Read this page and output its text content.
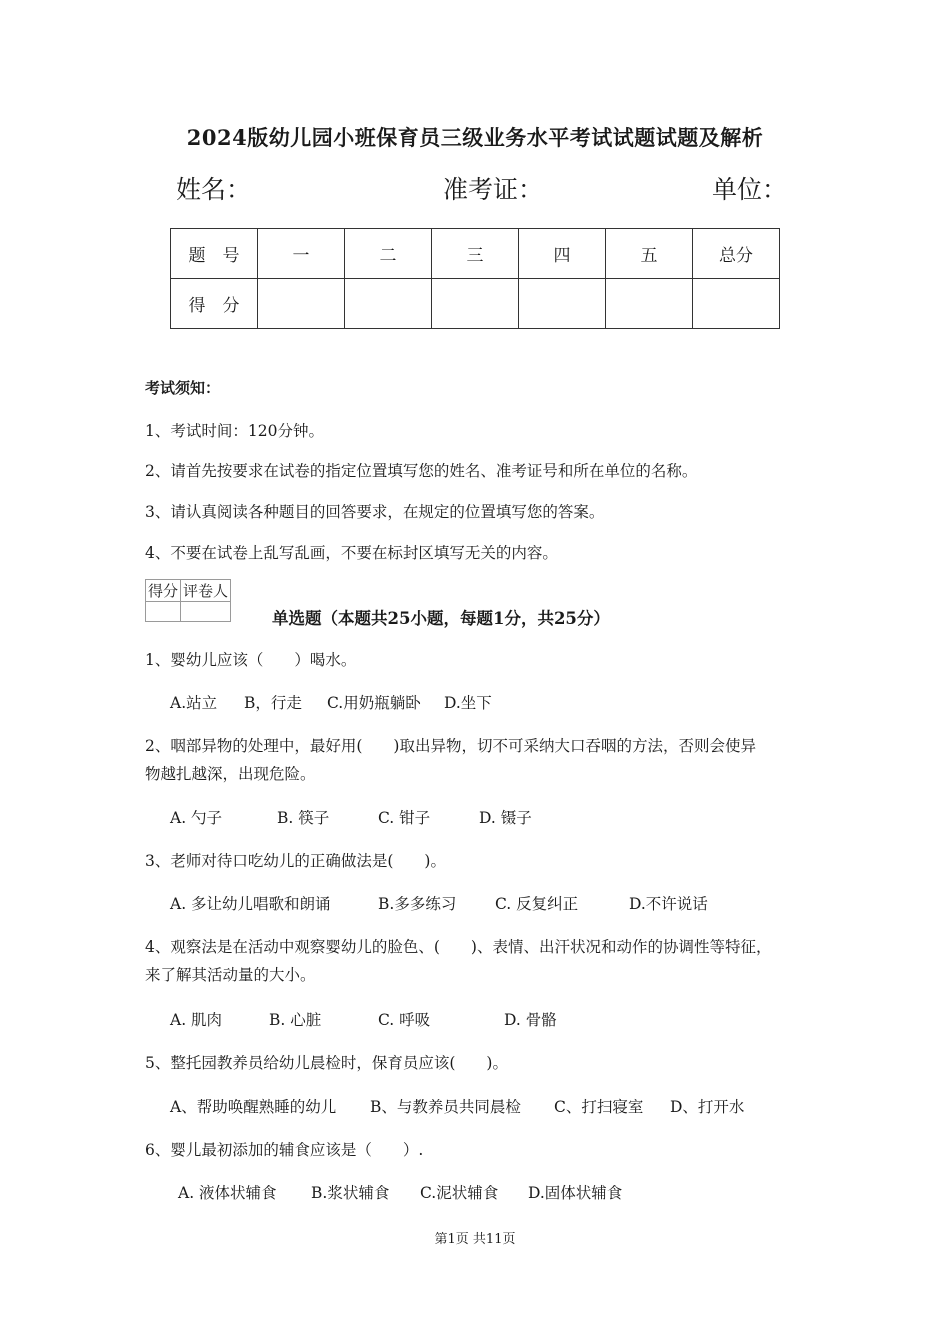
2024版幼儿园小班保育员三级业务水平考试试题试题及解析
姓名：	准考证：	单位：
题　号	一	二	三	四	五	总分
得　分						
考试须知：
1、考试时间：120分钟。
2、请首先按要求在试卷的指定位置填写您的姓名、准考证号和所在单位的名称。
3、请认真阅读各种题目的回答要求，在规定的位置填写您的答案。
4、不要在试卷上乱写乱画，不要在标封区填写无关的内容。
得分	评卷人

单选题（本题共25小题，每题1分，共25分）
1、婴幼儿应该（　　）喝水。
A.站立 B，行走 C.用奶瓶躺卧 D.坐下
2、咽部异物的处理中，最好用(　　)取出异物，切不可采纳大口吞咽的方法，否则会使异
物越扎越深，出现危险。
A. 勺子	B. 筷子	C. 钳子	D. 镊子
3、老师对待口吃幼儿的正确做法是(　　)。
A. 多让幼儿唱歌和朗诵	B.多多练习 C. 反复纠正	D.不许说话
4、观察法是在活动中观察婴幼儿的脸色、(　　)、表情、出汗状况和动作的协调性等特征，
来了解其活动量的大小。
A. 肌肉	B. 心脏	C. 呼吸	D. 骨骼
5、整托园教养员给幼儿晨检时，保育员应该(　　)。
A、帮助唤醒熟睡的幼儿 B、与教养员共同晨检 C、打扫寝室 D、打开水
6、婴儿最初添加的辅食应该是（　　）.
A. 液体状辅食 B.浆状辅食 C.泥状辅食 D.固体状辅食
第1页 共11页
